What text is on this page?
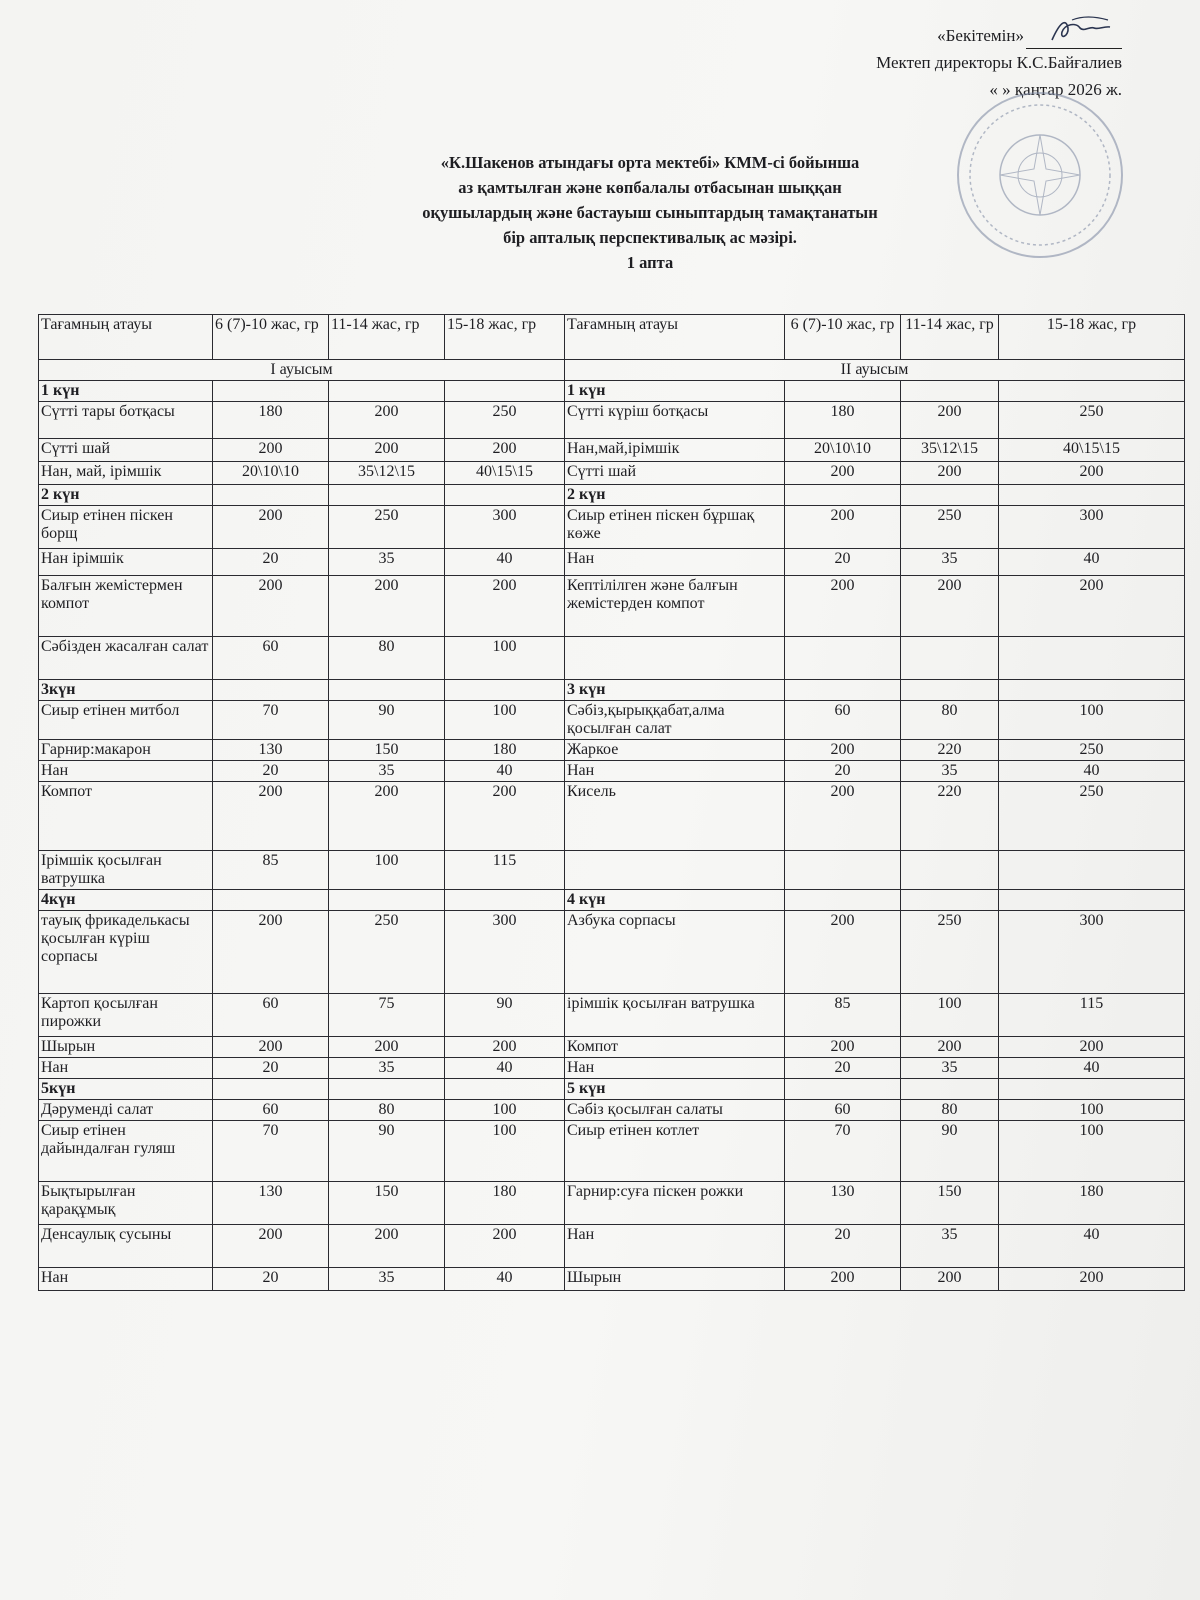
«Бекітемін»
Мектеп директоры К.С.Байғалиев
« » қаңтар 2026 ж.
«К.Шакенов атындағы орта мектебі» КММ-сі бойынша
аз қамтылған және көпбалалы отбасынан шыққан
оқушылардың және бастауыш сыныптардың тамақтанатын
бір апталық перспективалық ас мәзірі.
1 апта
Тағамның атауы	6 (7)-10 жас, гр	11-14 жас, гр	15-18 жас, гр	Тағамның атауы	6 (7)-10 жас, гр	11-14 жас, гр	15-18 жас, гр
I ауысым				II ауысым			
1 күн				1 күн			
Сүтті тары ботқасы	180	200	250	Сүтті күріш ботқасы	180	200	250
Сүтті шай	200	200	200	Нан,май,ірімшік	20\10\10	35\12\15	40\15\15
Нан, май, ірімшік	20\10\10	35\12\15	40\15\15	Сүтті шай	200	200	200
2 күн				2 күн			
Сиыр етінен піскен борщ	200	250	300	Сиыр етінен піскен бұршақ көже	200	250	300
Нан ірімшік	20	35	40	Нан	20	35	40
Балғын жемістермен компот	200	200	200	Кептілілген және балғын жемістерден компот	200	200	200
Сәбізден жасалған салат	60	80	100				
3күн				3 күн			
Сиыр етінен митбол	70	90	100	Сәбіз,қырыққабат,алма қосылған салат	60	80	100
Гарнир:макарон	130	150	180	Жаркое	200	220	250
Нан	20	35	40	Нан	20	35	40
Компот	200	200	200	Кисель	200	220	250
Ірімшік қосылған ватрушка	85	100	115				
4күн				4 күн			
тауық фрикаделькасы қосылған күріш сорпасы	200	250	300	Азбука сорпасы	200	250	300
Картоп қосылған пирожки	60	75	90	ірімшік қосылған ватрушка	85	100	115
Шырын	200	200	200	Компот	200	200	200
Нан	20	35	40	Нан	20	35	40
5күн				5 күн			
Дәруменді салат	60	80	100	Сәбіз қосылған салаты	60	80	100
Сиыр етінен дайындалған гуляш	70	90	100	Сиыр етінен котлет	70	90	100
Бықтырылған қарақұмық	130	150	180	Гарнир:суға піскен рожки	130	150	180
Денсаулық сусыны	200	200	200	Нан	20	35	40
Нан	20	35	40	Шырын	200	200	200
